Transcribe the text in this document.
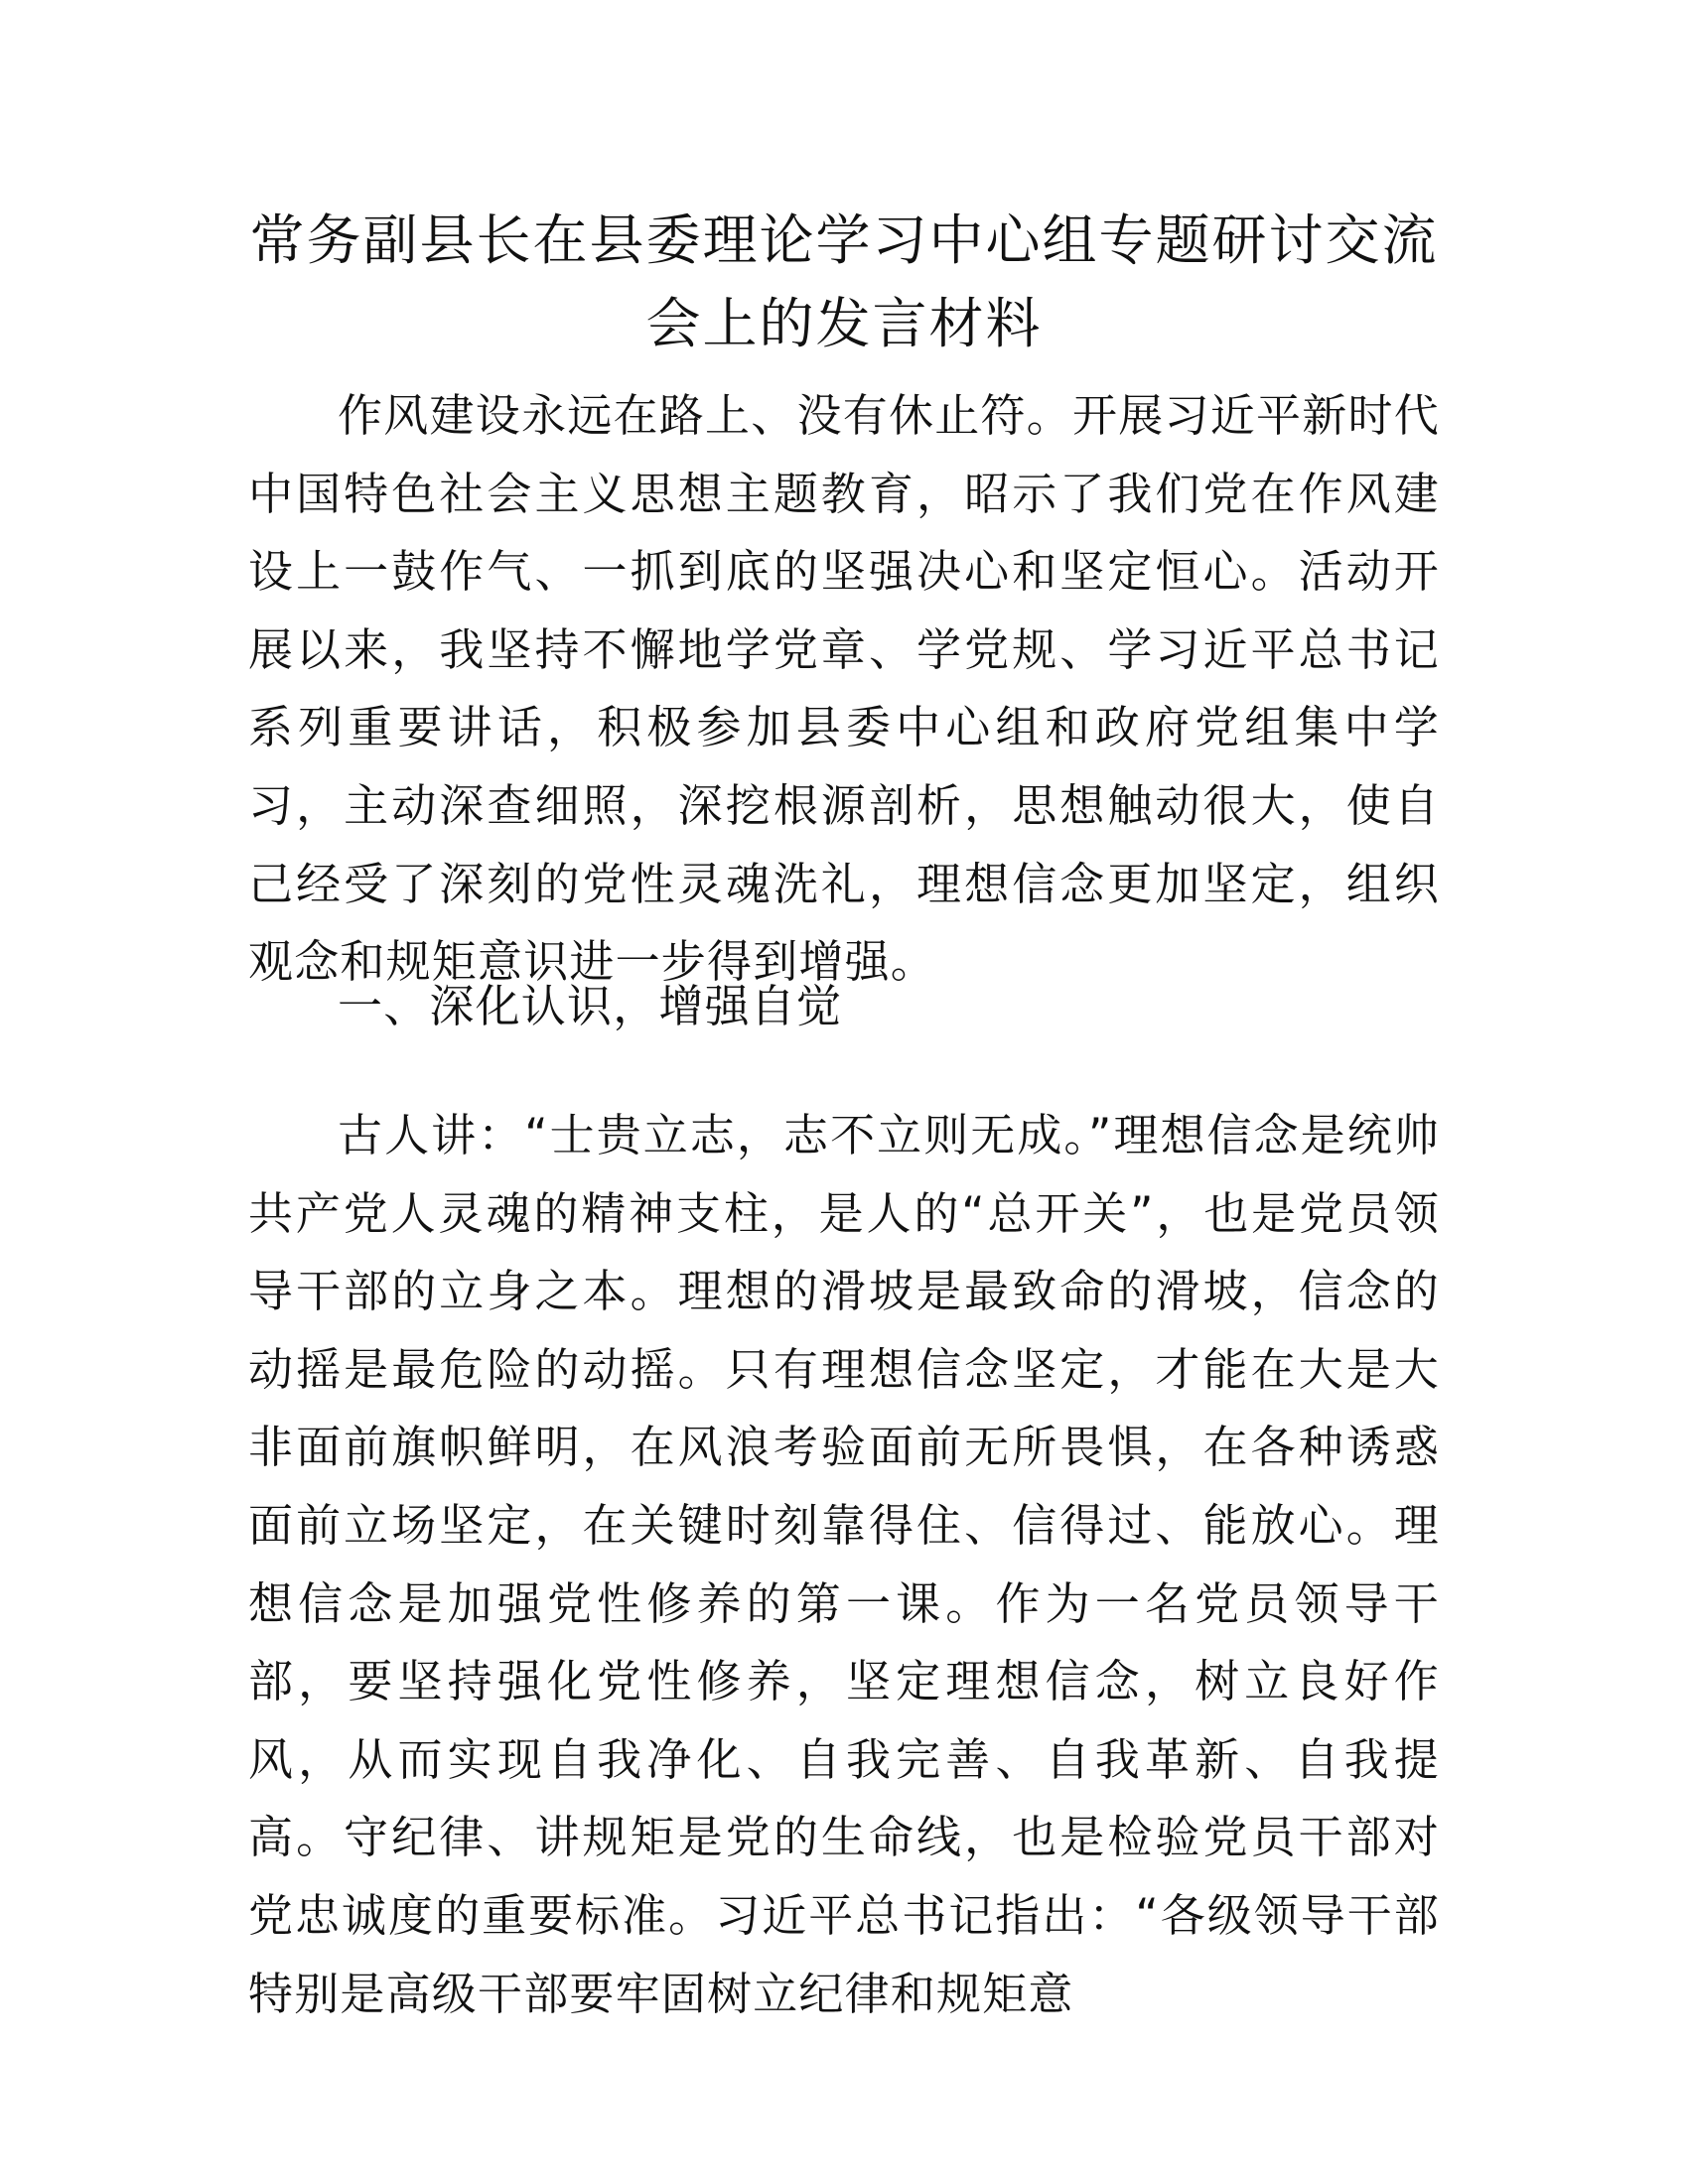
常务副县长在县委理论学习中心组专题研讨交流会上的发言材料

作风建设永远在路上、没有休止符。开展习近平新时代中国特色社会主义思想主题教育，昭示了我们党在作风建设上一鼓作气、一抓到底的坚强决心和坚定恒心。活动开展以来，我坚持不懈地学党章、学党规、学习近平总书记系列重要讲话，积极参加县委中心组和政府党组集中学习，主动深查细照，深挖根源剖析，思想触动很大，使自己经受了深刻的党性灵魂洗礼，理想信念更加坚定，组织观念和规矩意识进一步得到增强。

一、深化认识，增强自觉

古人讲：“士贵立志，志不立则无成。”理想信念是统帅共产党人灵魂的精神支柱，是人的“总开关”，也是党员领导干部的立身之本。理想的滑坡是最致命的滑坡，信念的动摇是最危险的动摇。只有理想信念坚定，才能在大是大非面前旗帜鲜明，在风浪考验面前无所畏惧，在各种诱惑面前立场坚定，在关键时刻靠得住、信得过、能放心。理想信念是加强党性修养的第一课。作为一名党员领导干部，要坚持强化党性修养，坚定理想信念，树立良好作风，从而实现自我净化、自我完善、自我革新、自我提高。守纪律、讲规矩是党的生命线，也是检验党员干部对党忠诚度的重要标准。习近平总书记指出：“各级领导干部特别是高级干部要牢固树立纪律和规矩意
